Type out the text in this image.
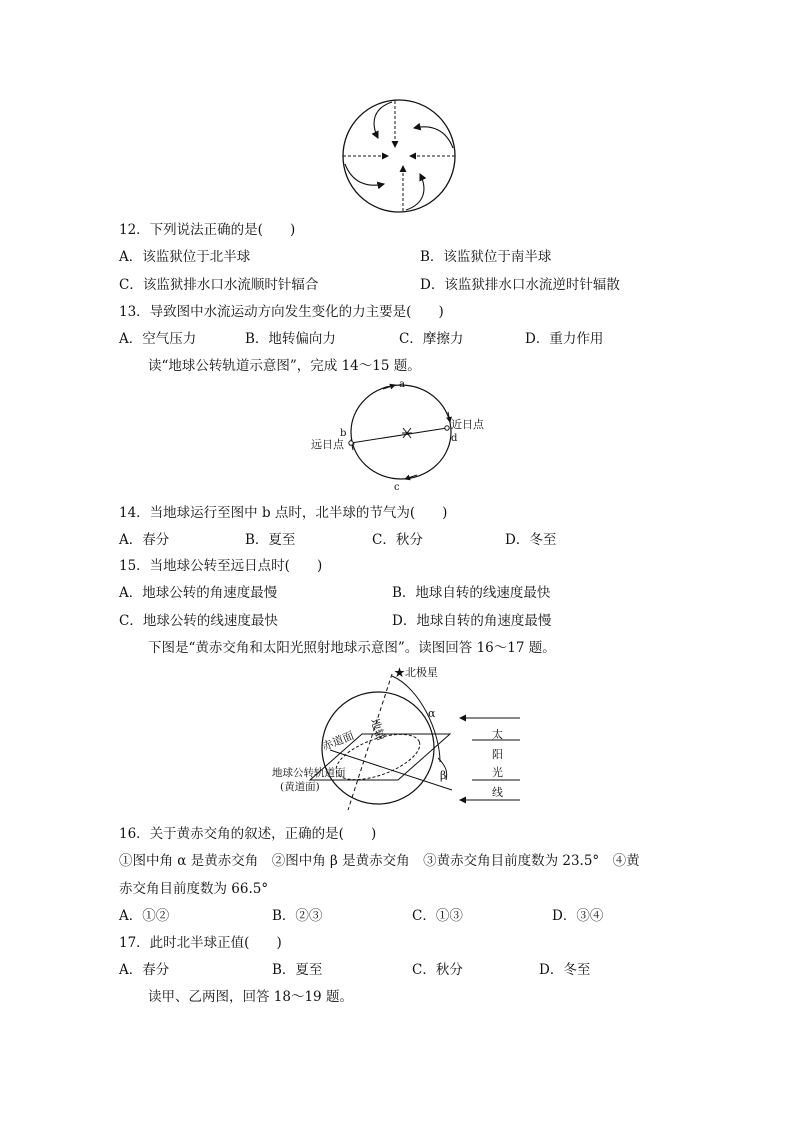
12．下列说法正确的是(　　)
A．该监狱位于北半球	B．该监狱位于南半球
C．该监狱排水口水流顺时针辐合	D．该监狱排水口水流逆时针辐散
13．导致图中水流运动方向发生变化的力主要是(　　)
A．空气压力	B．地转偏向力	C．摩擦力	D．重力作用
读“地球公转轨道示意图”，完成 14～15 题。
a
b
c
d
近日点
远日点
14．当地球运行至图中 b 点时，北半球的节气为(　　)
A．春分	B．夏至	C．秋分	D．冬至
15．当地球公转至远日点时(　　)
A．地球公转的角速度最慢	B．地球自转的线速度最快
C．地球公转的线速度最快	D．地球自转的角速度最慢
下图是“黄赤交角和太阳光照射地球示意图”。读图回答 16～17 题。
★北极星
地轴
赤道面
地球公转轨道面
(黄道面)
α
β
太
阳
光
线
16．关于黄赤交角的叙述，正确的是(　　)
①图中角 α 是黄赤交角　②图中角 β 是黄赤交角　③黄赤交角目前度数为 23.5°　④黄
赤交角目前度数为 66.5°
A．①②	B．②③	C．①③	D．③④
17．此时北半球正值(　　)
A．春分	B．夏至	C．秋分	D．冬至
读甲、乙两图，回答 18～19 题。
